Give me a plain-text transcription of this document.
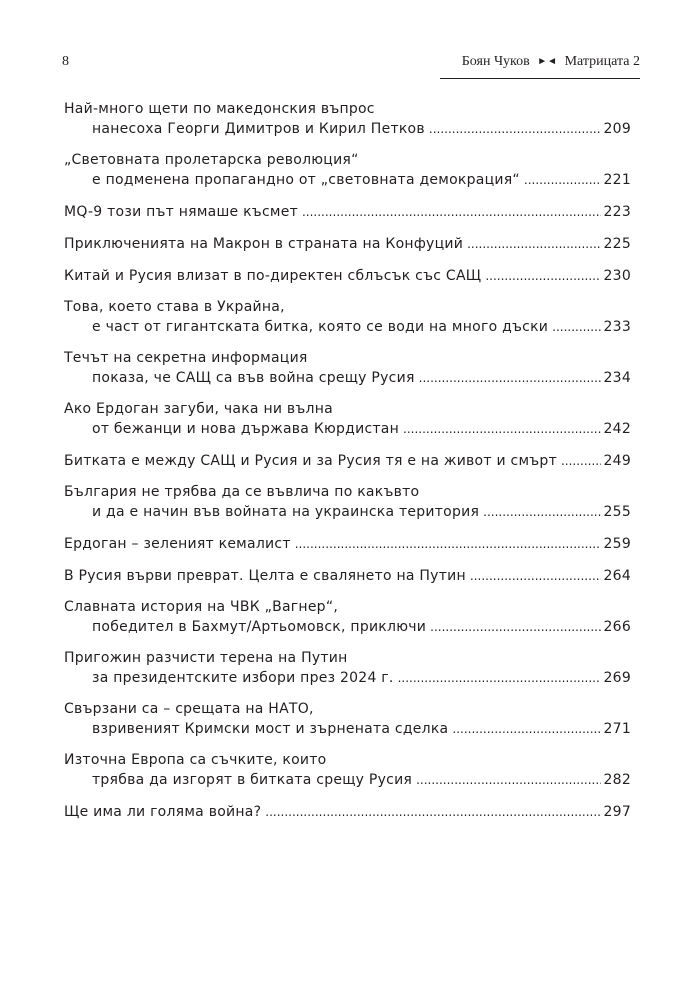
8	Боян Чуков ►◄ Матрицата 2
Най-много щети по македонския въпрос
нанесоха Георги Димитров и Кирил Петков .....	209
„Световната пролетарска революция“
е подменена пропагандно от „световната демокрация“ .....	221
MQ-9 този път нямаше късмет .....	223
Приключенията на Макрон в страната на Конфуций .....	225
Китай и Русия влизат в по-директен сблъсък със САЩ .....	230
Това, което става в Украйна,
е част от гигантската битка, която се води на много дъски .....	233
Течът на секретна информация
показа, че САЩ са във война срещу Русия .....	234
Ако Ердоган загуби, чака ни вълна
от бежанци и нова държава Кюрдистан .....	242
Битката е между САЩ и Русия и за Русия тя е на живот и смърт .....	249
България не трябва да се въвлича по какъвто
и да е начин във войната на украинска територия .....	255
Ердоган – зеленият кемалист .....	259
В Русия върви преврат. Целта е свалянето на Путин .....	264
Славната история на ЧВК „Вагнер“,
победител в Бахмут/Артьомовск, приключи .....	266
Пригожин разчисти терена на Путин
за президентските избори през 2024 г. .....	269
Свързани са – срещата на НАТО,
взривеният Кримски мост и зърнената сделка .....	271
Източна Европа са съчките, които
трябва да изгорят в битката срещу Русия .....	282
Ще има ли голяма война? .....	297
